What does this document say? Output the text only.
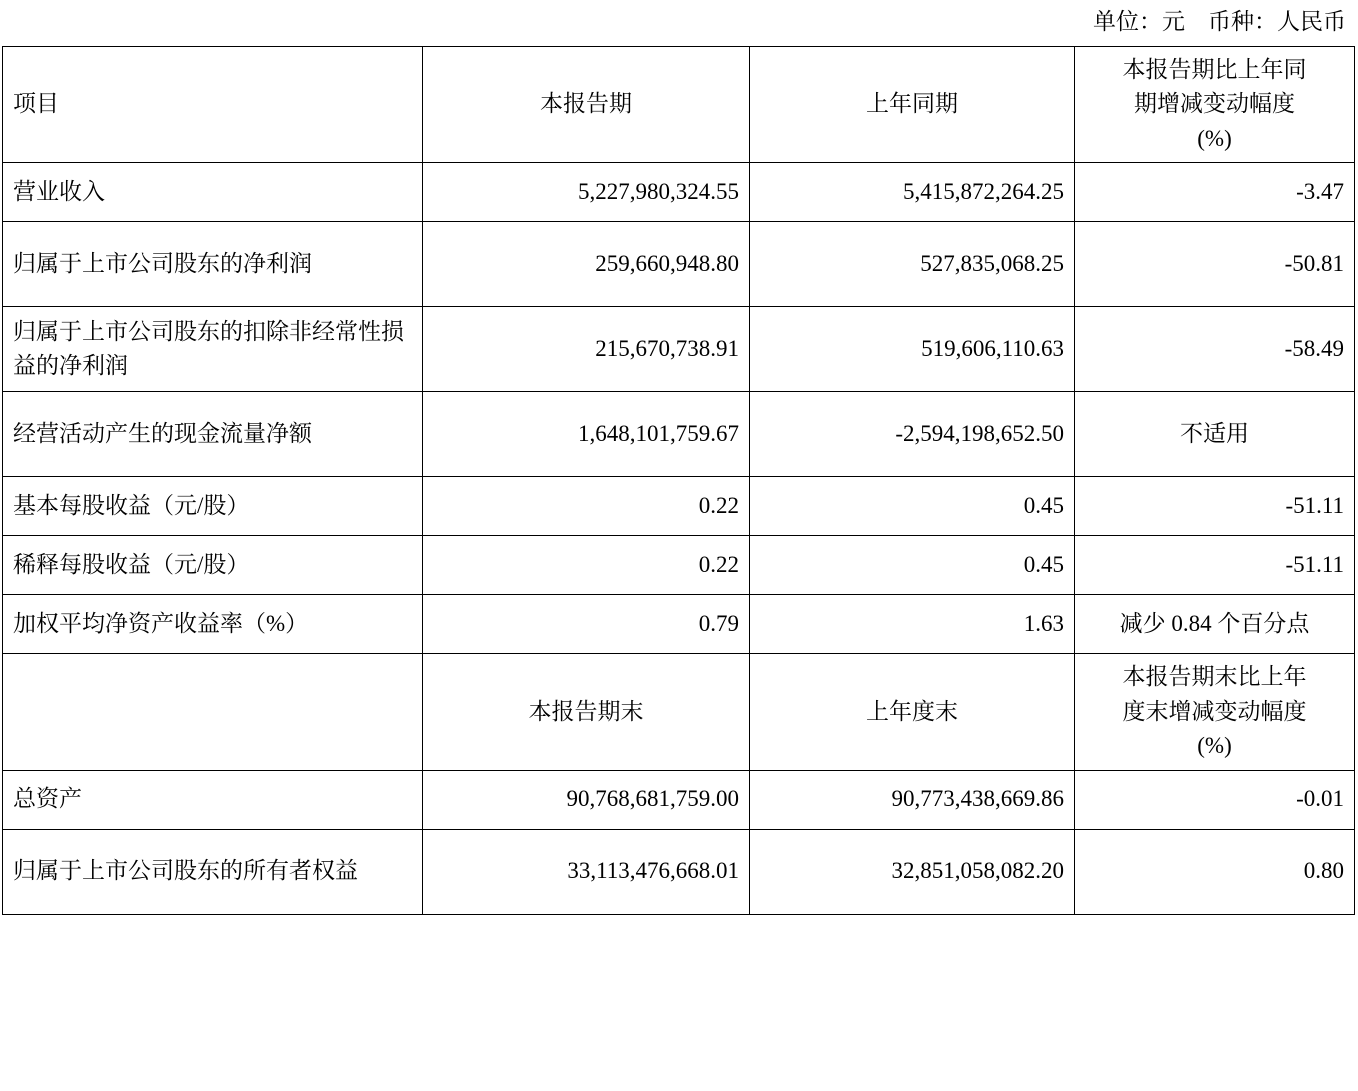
单位：元    币种：人民币
项目	本报告期	上年同期	本报告期比上年同
期增减变动幅度
(%)

营业收入	5,227,980,324.55	5,415,872,264.25	-3.47
归属于上市公司股东的净利润	259,660,948.80	527,835,068.25	-50.81
归属于上市公司股东的扣除非经常性损益的净利润	215,670,738.91	519,606,110.63	-58.49
经营活动产生的现金流量净额	1,648,101,759.67	-2,594,198,652.50	不适用
基本每股收益（元/股）	0.22	0.45	-51.11
稀释每股收益（元/股）	0.22	0.45	-51.11
加权平均净资产收益率（%）	0.79	1.63	减少 0.84 个百分点
	本报告期末	上年度末	本报告期末比上年
度末增减变动幅度
(%)

总资产	90,768,681,759.00	90,773,438,669.86	-0.01
归属于上市公司股东的所有者权益	33,113,476,668.01	32,851,058,082.20	0.80
